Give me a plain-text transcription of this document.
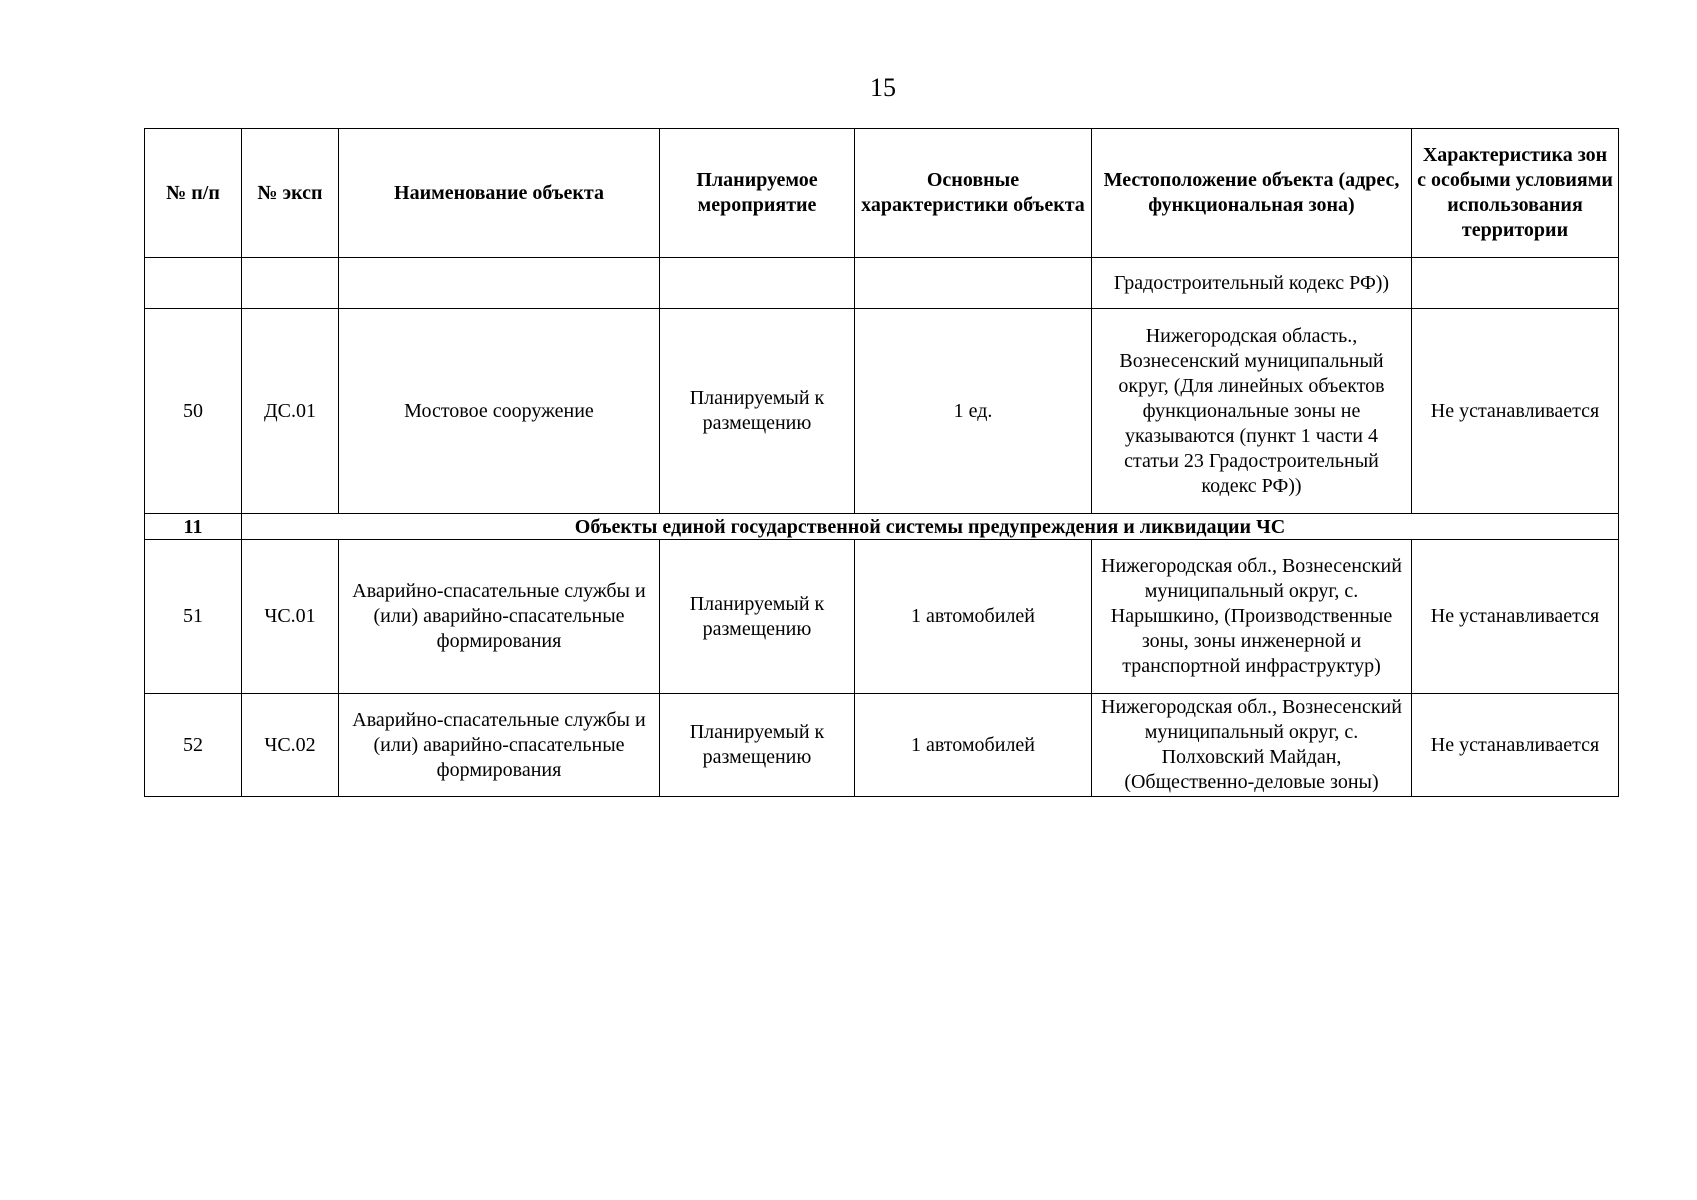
15
№ п/п	№ эксп	Наименование объекта	Планируемое мероприятие	Основные характеристики объекта	Местоположение объекта (адрес, функциональная зона)	Характеристика зон с особыми условиями использования территории
					Градостроительный кодекс РФ))	
50	ДС.01	Мостовое сооружение	Планируемый к размещению	1 ед.	Нижегородская область., Вознесенский муниципальный округ, (Для линейных объектов функциональные зоны не указываются (пункт 1 части 4 статьи 23 Градостроительный кодекс РФ))	Не устанавливается
11	Объекты единой государственной системы предупреждения и ликвидации ЧС					
51	ЧС.01	Аварийно-спасательные службы и (или) аварийно-спасательные формирования	Планируемый к размещению	1 автомобилей	Нижегородская обл., Вознесенский муниципальный округ, с. Нарышкино, (Производственные зоны, зоны инженерной и транспортной инфраструктур)	Не устанавливается
52	ЧС.02	Аварийно-спасательные службы и (или) аварийно-спасательные формирования	Планируемый к размещению	1 автомобилей	Нижегородская обл., Вознесенский муниципальный округ, с. Полховский Майдан, (Общественно-деловые зоны)	Не устанавливается
